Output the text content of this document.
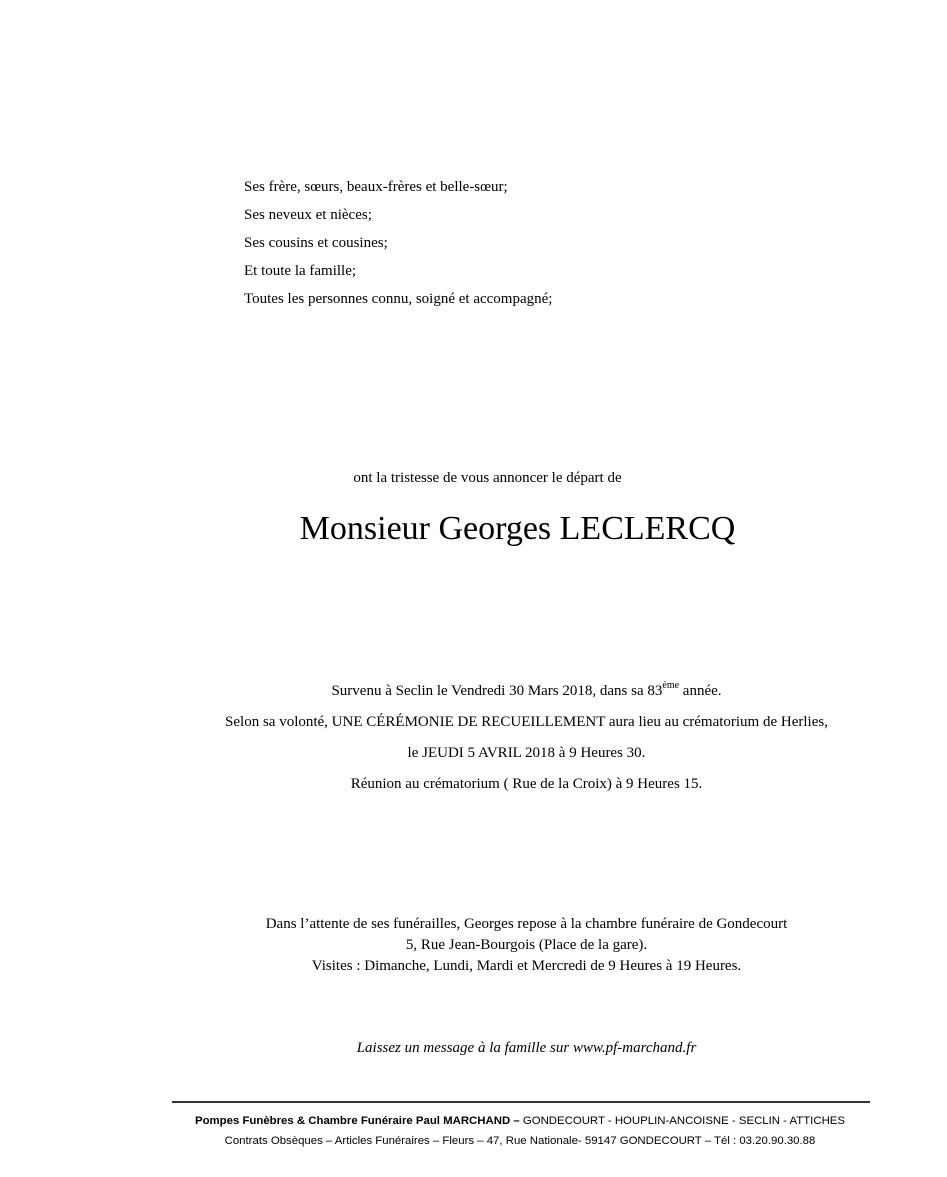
Ses frère, sœurs, beaux-frères et belle-sœur;
Ses neveux et nièces;
Ses cousins et cousines;
Et toute la famille;
Toutes les personnes connu, soigné et accompagné;

ont la tristesse de vous annoncer le départ de

Monsieur Georges LECLERCQ
Survenu à Seclin le Vendredi 30 Mars 2018, dans sa 83ème année.
Selon sa volonté, UNE CÉRÉMONIE DE RECUEILLEMENT aura lieu au crématorium de Herlies,
le JEUDI 5 AVRIL 2018 à 9 Heures 30.
Réunion au crématorium ( Rue de la Croix) à 9 Heures 15.
Dans l’attente de ses funérailles, Georges repose à la chambre funéraire de Gondecourt
5, Rue Jean-Bourgois (Place de la gare).
Visites : Dimanche, Lundi, Mardi et Mercredi de 9 Heures à 19 Heures.
Laissez un message à la famille sur www.pf-marchand.fr
Pompes Funèbres & Chambre Funéraire Paul MARCHAND – GONDECOURT - HOUPLIN-ANCOISNE - SECLIN - ATTICHES
Contrats Obsèques – Articles Funéraires – Fleurs – 47, Rue Nationale- 59147 GONDECOURT – Tél : 03.20.90.30.88
